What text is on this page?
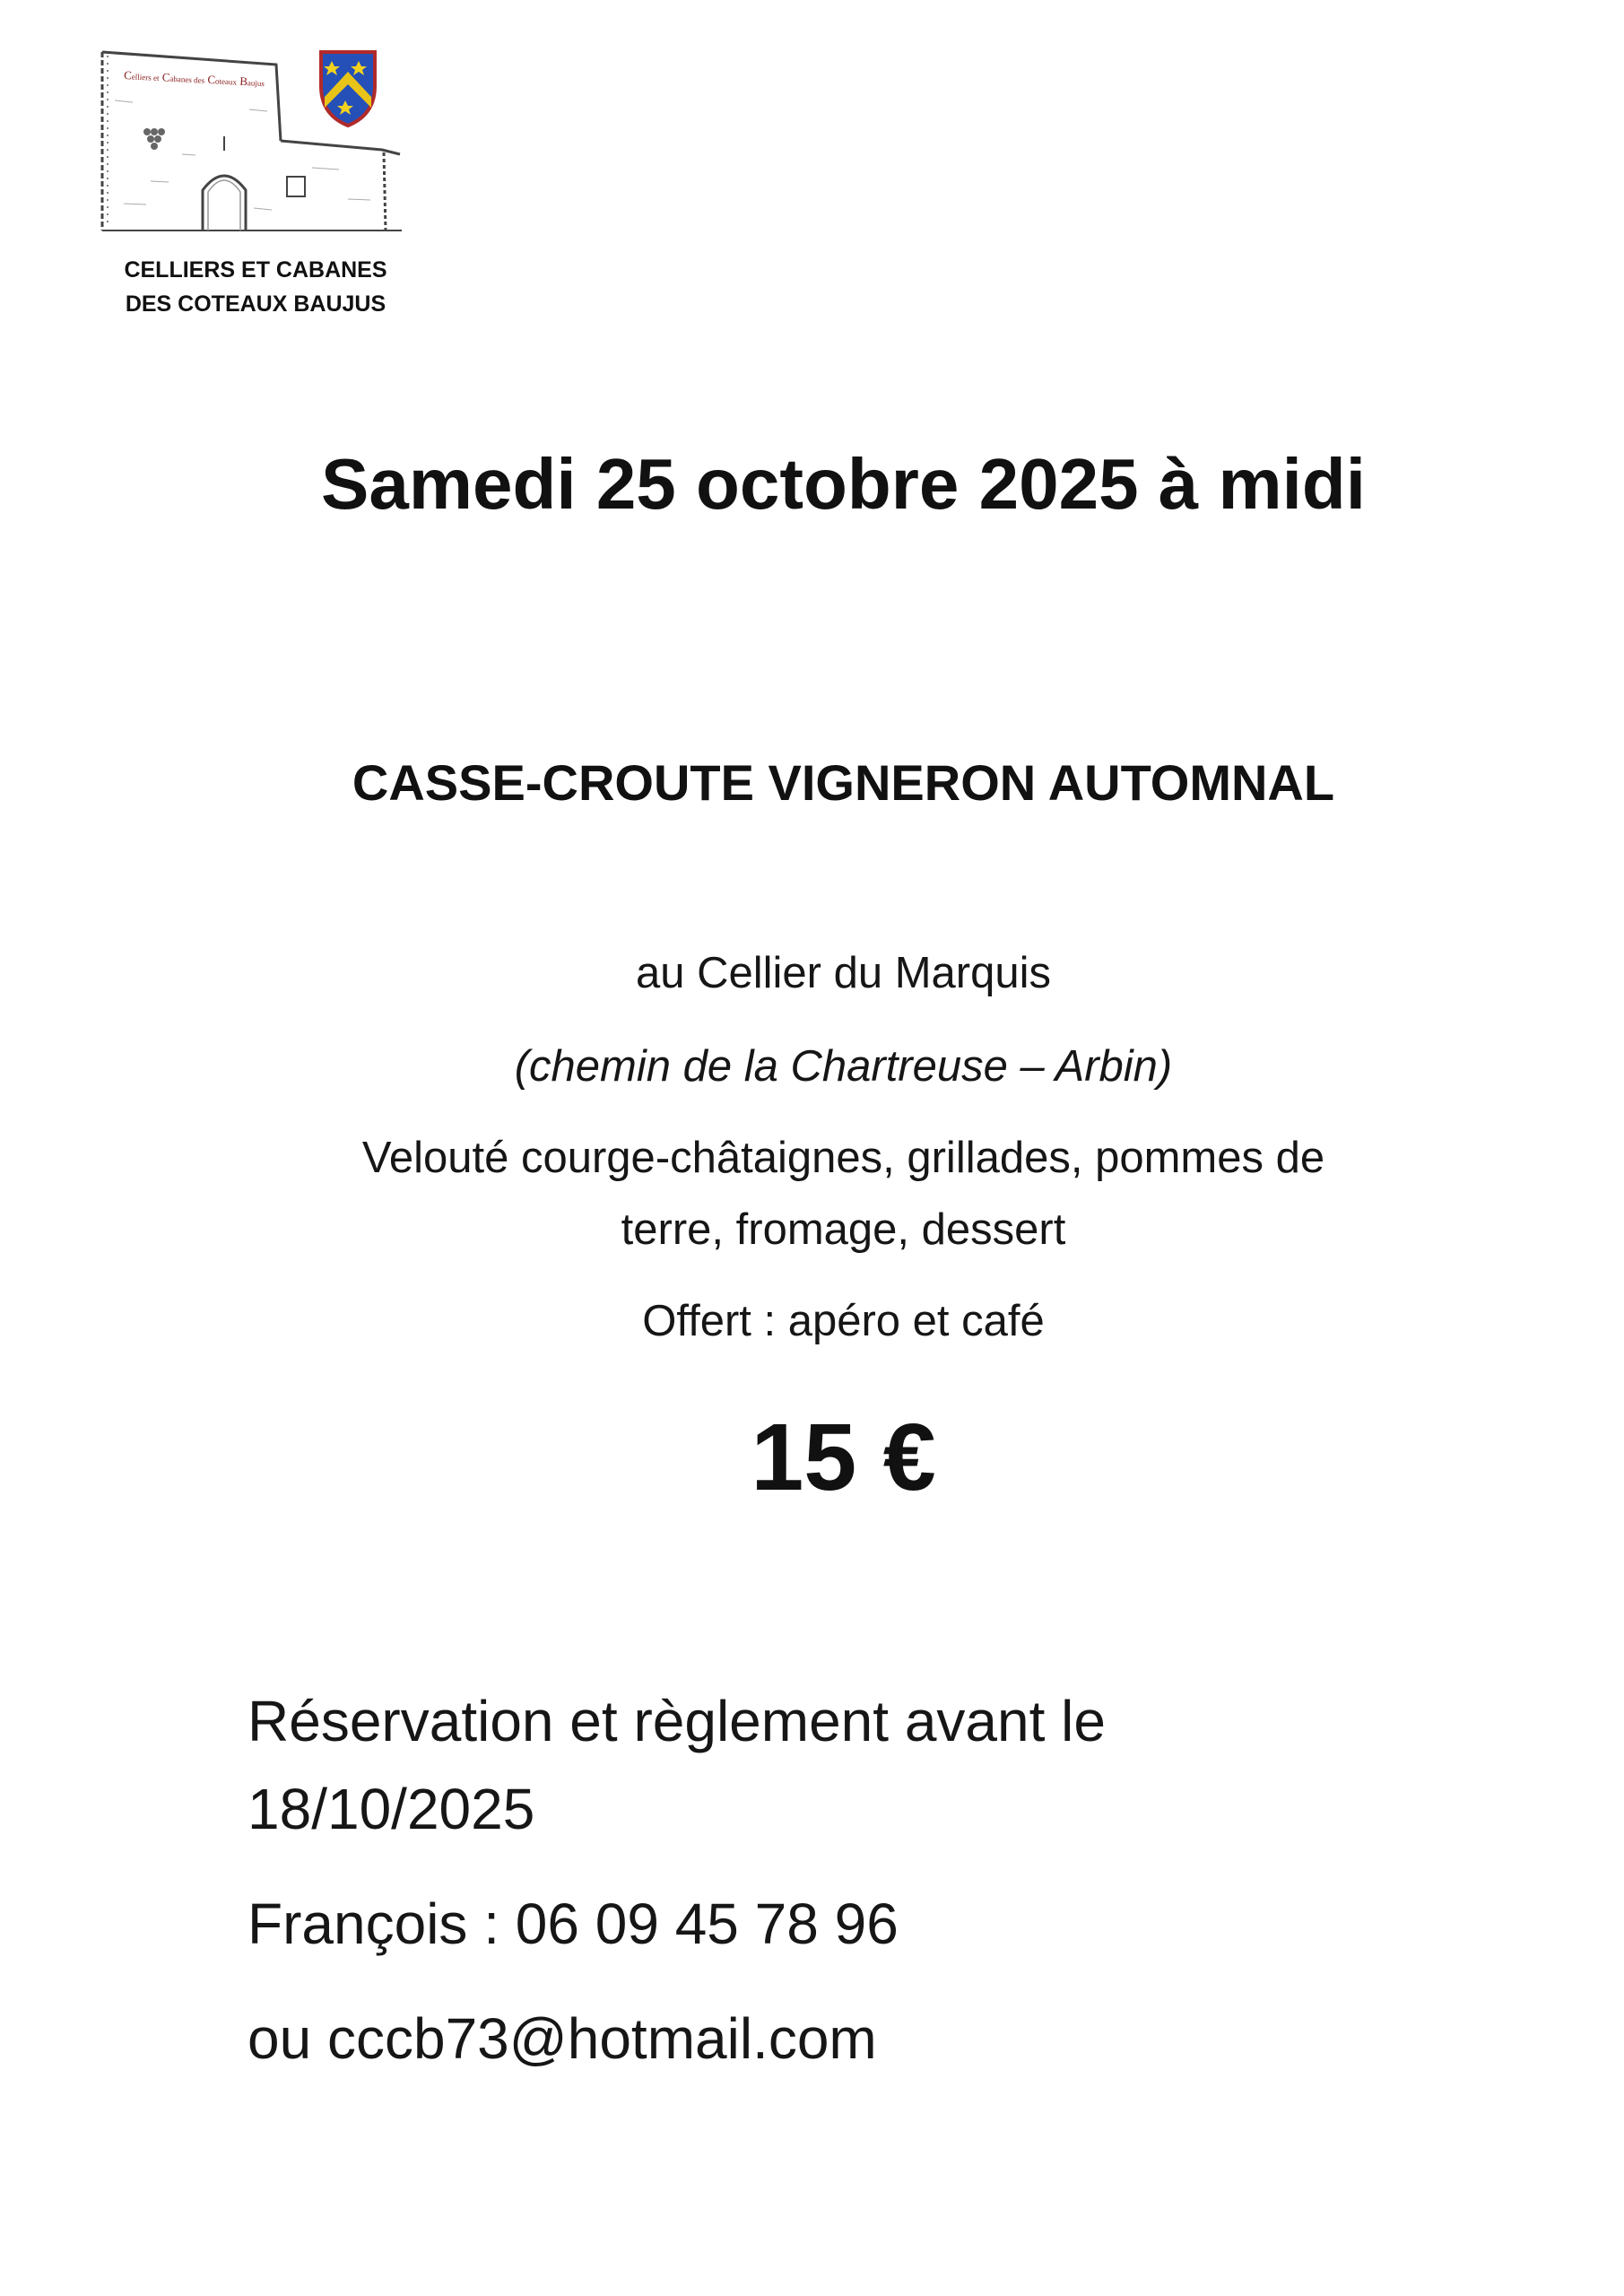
Celliers et Cabanes des Coteaux Baujus
CELLIERS ET CABANES
DES COTEAUX BAUJUS
Samedi 25 octobre 2025 à midi
CASSE-CROUTE VIGNERON AUTOMNAL
au Cellier du Marquis
(chemin de la Chartreuse – Arbin)
Velouté courge-châtaignes, grillades, pommes de
terre, fromage, dessert
Offert : apéro et café
15 €
Réservation et règlement avant le
18/10/2025
François : 06 09 45 78 96
ou cccb73@hotmail.com
